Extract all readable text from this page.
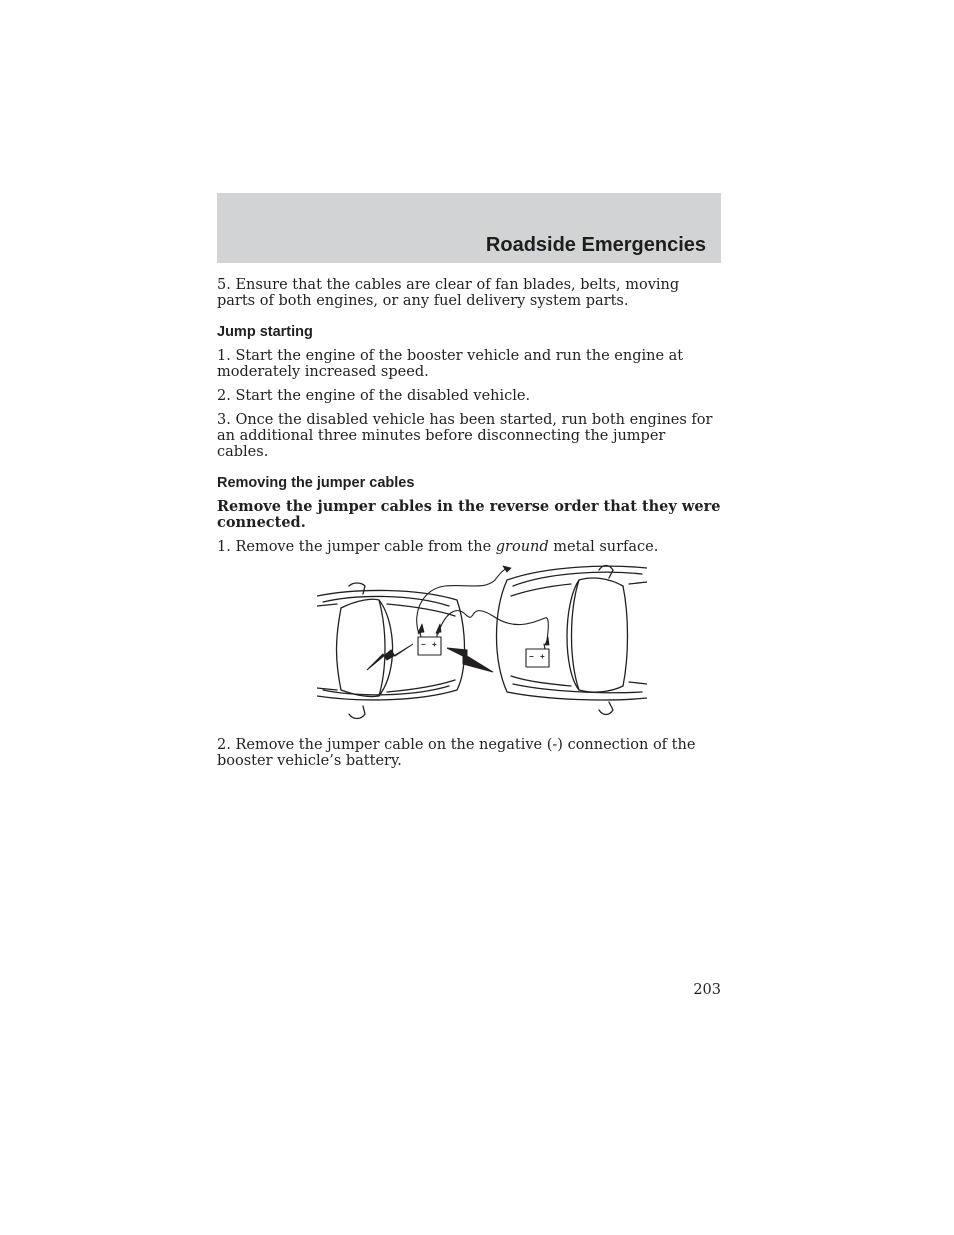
Roadside Emergencies

5. Ensure that the cables are clear of fan blades, belts, moving parts of both engines, or any fuel delivery system parts.

Jump starting

1. Start the engine of the booster vehicle and run the engine at moderately increased speed.

2. Start the engine of the disabled vehicle.

3. Once the disabled vehicle has been started, run both engines for an additional three minutes before disconnecting the jumper cables.

Removing the jumper cables

Remove the jumper cables in the reverse order that they were connected.

1. Remove the jumper cable from the ground metal surface.

− +
− +

2. Remove the jumper cable on the negative (-) connection of the booster vehicle’s battery.

203
